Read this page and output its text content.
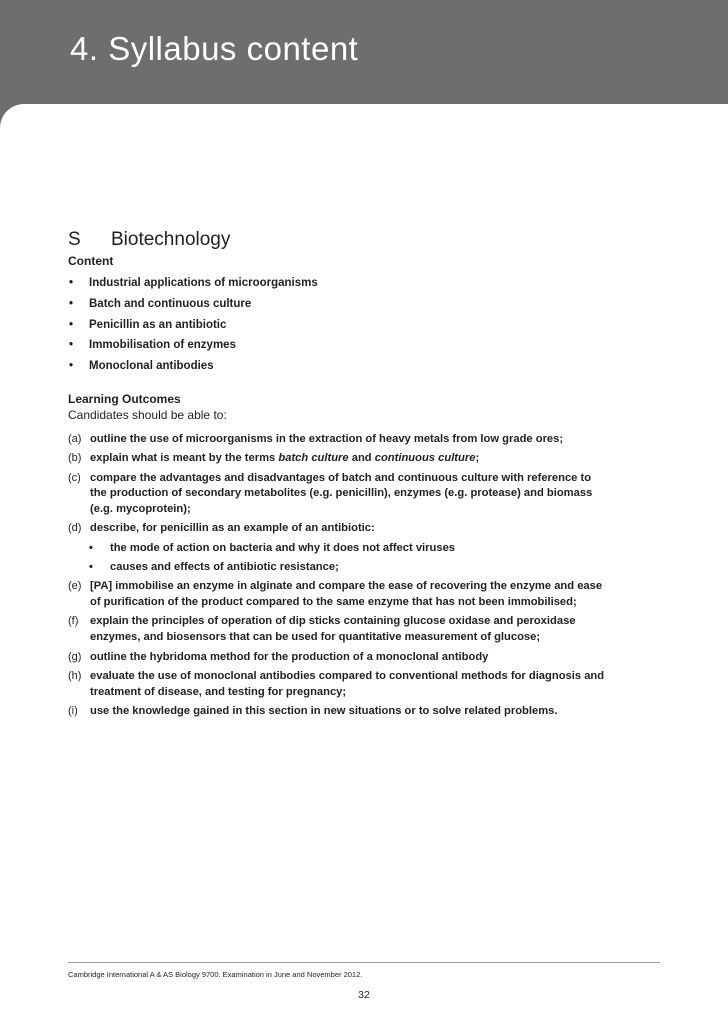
4. Syllabus content
S Biotechnology
Content
• Industrial applications of microorganisms
• Batch and continuous culture
• Penicillin as an antibiotic
• Immobilisation of enzymes
• Monoclonal antibodies
Learning Outcomes
Candidates should be able to:
(a) outline the use of microorganisms in the extraction of heavy metals from low grade ores;
(b) explain what is meant by the terms batch culture and continuous culture;
(c) compare the advantages and disadvantages of batch and continuous culture with reference to
the production of secondary metabolites (e.g. penicillin), enzymes (e.g. protease) and biomass
(e.g. mycoprotein);
(d) describe, for penicillin as an example of an antibiotic:
• the mode of action on bacteria and why it does not affect viruses
• causes and effects of antibiotic resistance;
(e) [PA] immobilise an enzyme in alginate and compare the ease of recovering the enzyme and ease
of purification of the product compared to the same enzyme that has not been immobilised;
(f) explain the principles of operation of dip sticks containing glucose oxidase and peroxidase
enzymes, and biosensors that can be used for quantitative measurement of glucose;
(g) outline the hybridoma method for the production of a monoclonal antibody
(h) evaluate the use of monoclonal antibodies compared to conventional methods for diagnosis and
treatment of disease, and testing for pregnancy;
(i) use the knowledge gained in this section in new situations or to solve related problems.
Cambridge International A & AS Biology 9700. Examination in June and November 2012.
32
